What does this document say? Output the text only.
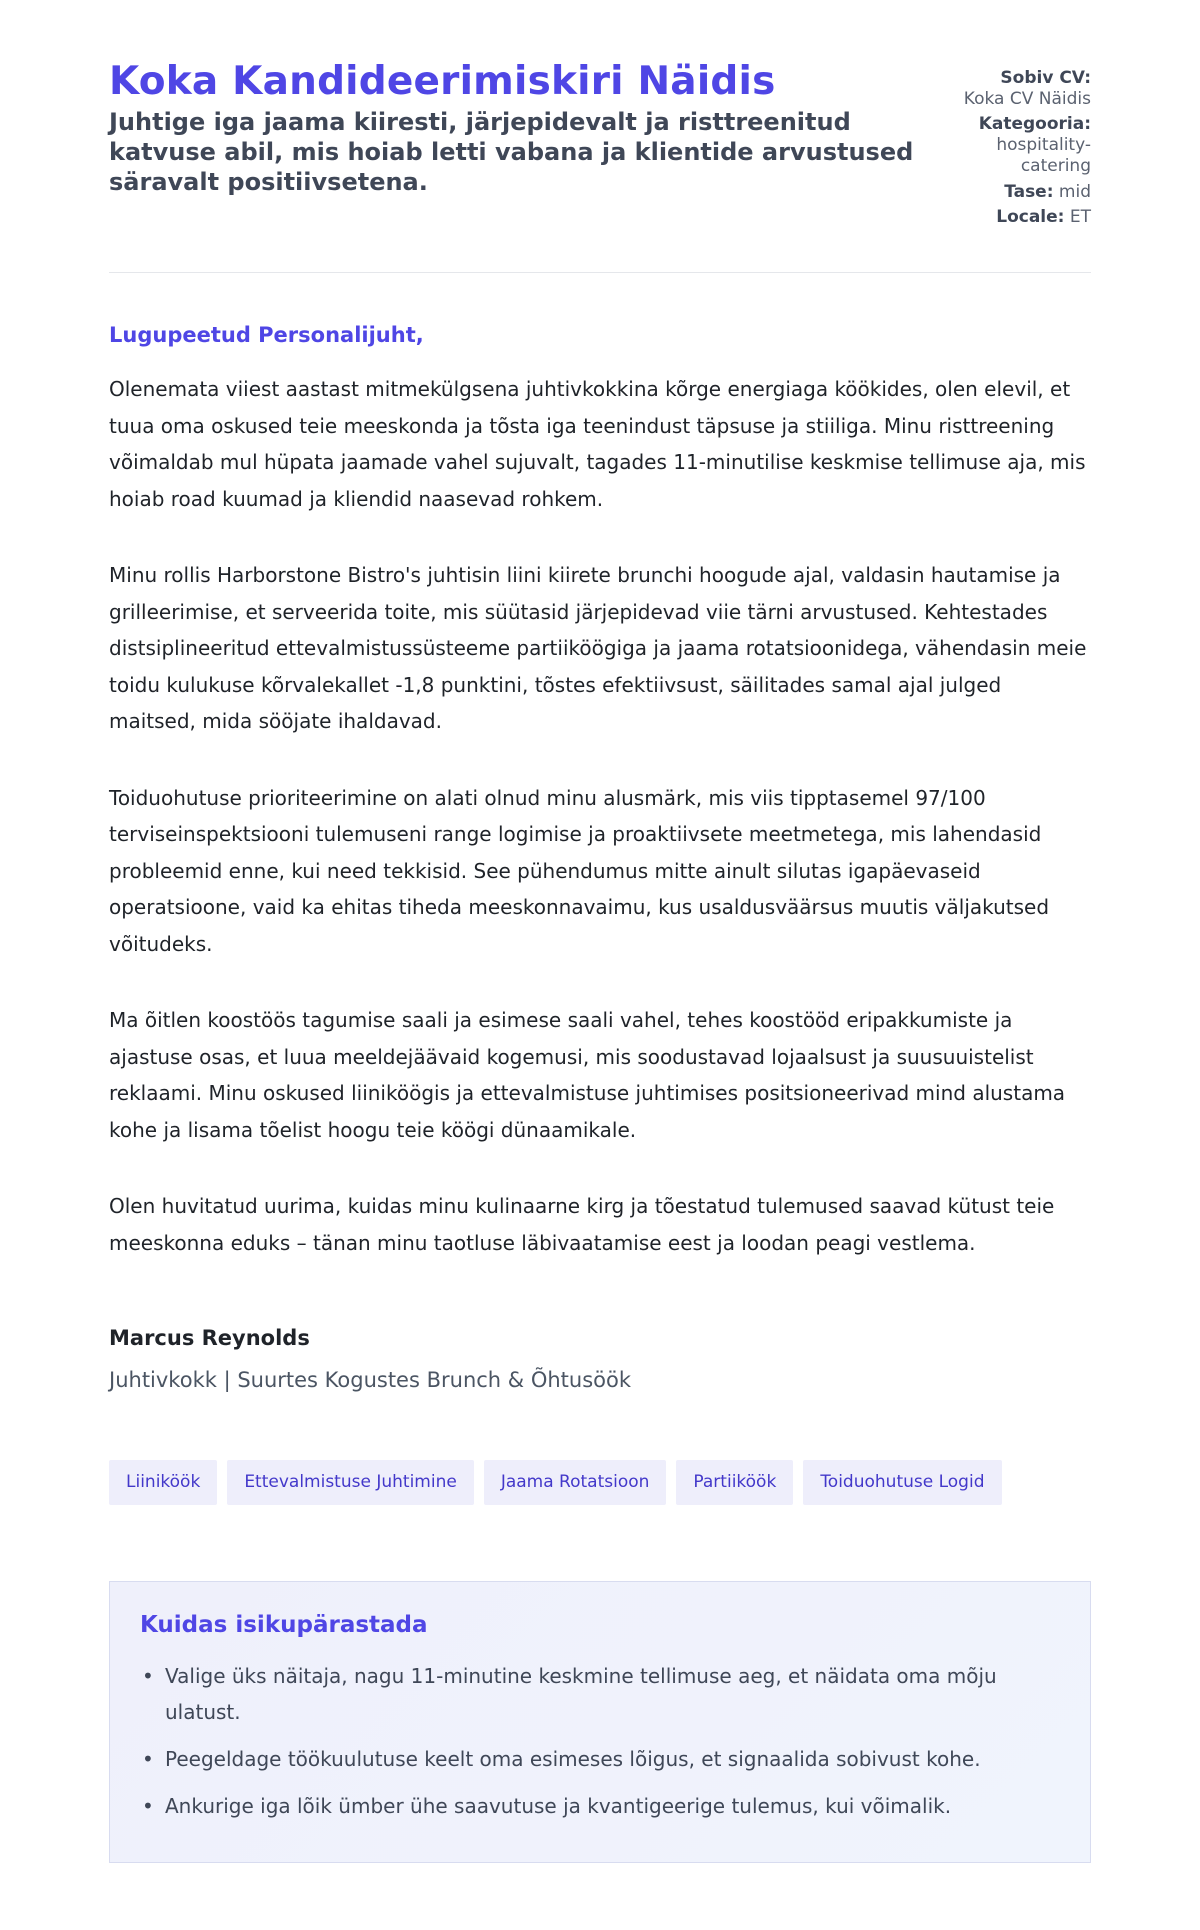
Koka Kandideerimiskiri Näidis
Juhtige iga jaama kiiresti, järjepidevalt ja risttreenitud katvuse abil, mis hoiab letti vabana ja klientide arvustused säravalt positiivsetena.
Sobiv CV:
Koka CV Näidis
Kategooria:
hospitality-catering
Tase: mid
Locale: ET
Lugupeetud Personalijuht,

Olenemata viiest aastast mitmekülgsena juhtivkokkina kõrge energiaga köökides, olen elevil, et tuua oma oskused teie meeskonda ja tõsta iga teenindust täpsuse ja stiiliga. Minu risttreening võimaldab mul hüpata jaamade vahel sujuvalt, tagades 11-minutilise keskmise tellimuse aja, mis hoiab road kuumad ja kliendid naasevad rohkem.

Minu rollis Harborstone Bistro's juhtisin liini kiirete brunchi hoogude ajal, valdasin hautamise ja grilleerimise, et serveerida toite, mis süütasid järjepidevad viie tärni arvustused. Kehtestades distsiplineeritud ettevalmistussüsteeme partiiköögiga ja jaama rotatsioonidega, vähendasin meie toidu kulukuse kõrvalekallet -1,8 punktini, tõstes efektiivsust, säilitades samal ajal julged maitsed, mida sööjate ihaldavad.

Toiduohutuse prioriteerimine on alati olnud minu alusmärk, mis viis tipptasemel 97/100 terviseinspektsiooni tulemuseni range logimise ja proaktiivsete meetmetega, mis lahendasid probleemid enne, kui need tekkisid. See pühendumus mitte ainult silutas igapäevaseid operatsioone, vaid ka ehitas tiheda meeskonnavaimu, kus usaldusväärsus muutis väljakutsed võitudeks.

Ma õitlen koostöös tagumise saali ja esimese saali vahel, tehes koostööd eripakkumiste ja ajastuse osas, et luua meeldejäävaid kogemusi, mis soodustavad lojaalsust ja suusuuistelist reklaami. Minu oskused liiniköögis ja ettevalmistuse juhtimises positsioneerivad mind alustama kohe ja lisama tõelist hoogu teie köögi dünaamikale.

Olen huvitatud uurima, kuidas minu kulinaarne kirg ja tõestatud tulemused saavad kütust teie meeskonna eduks – tänan minu taotluse läbivaatamise eest ja loodan peagi vestlema.

Marcus Reynolds
Juhtivkokk | Suurtes Kogustes Brunch & Õhtusöök
Liiniköök	Ettevalmistuse Juhtimine	Jaama Rotatsioon	Partiiköök	Toiduohutuse Logid
Kuidas isikupärastada
• Valige üks näitaja, nagu 11-minutine keskmine tellimuse aeg, et näidata oma mõju ulatust.
• Peegeldage töökuulutuse keelt oma esimeses lõigus, et signaalida sobivust kohe.
• Ankurige iga lõik ümber ühe saavutuse ja kvantigeerige tulemus, kui võimalik.
